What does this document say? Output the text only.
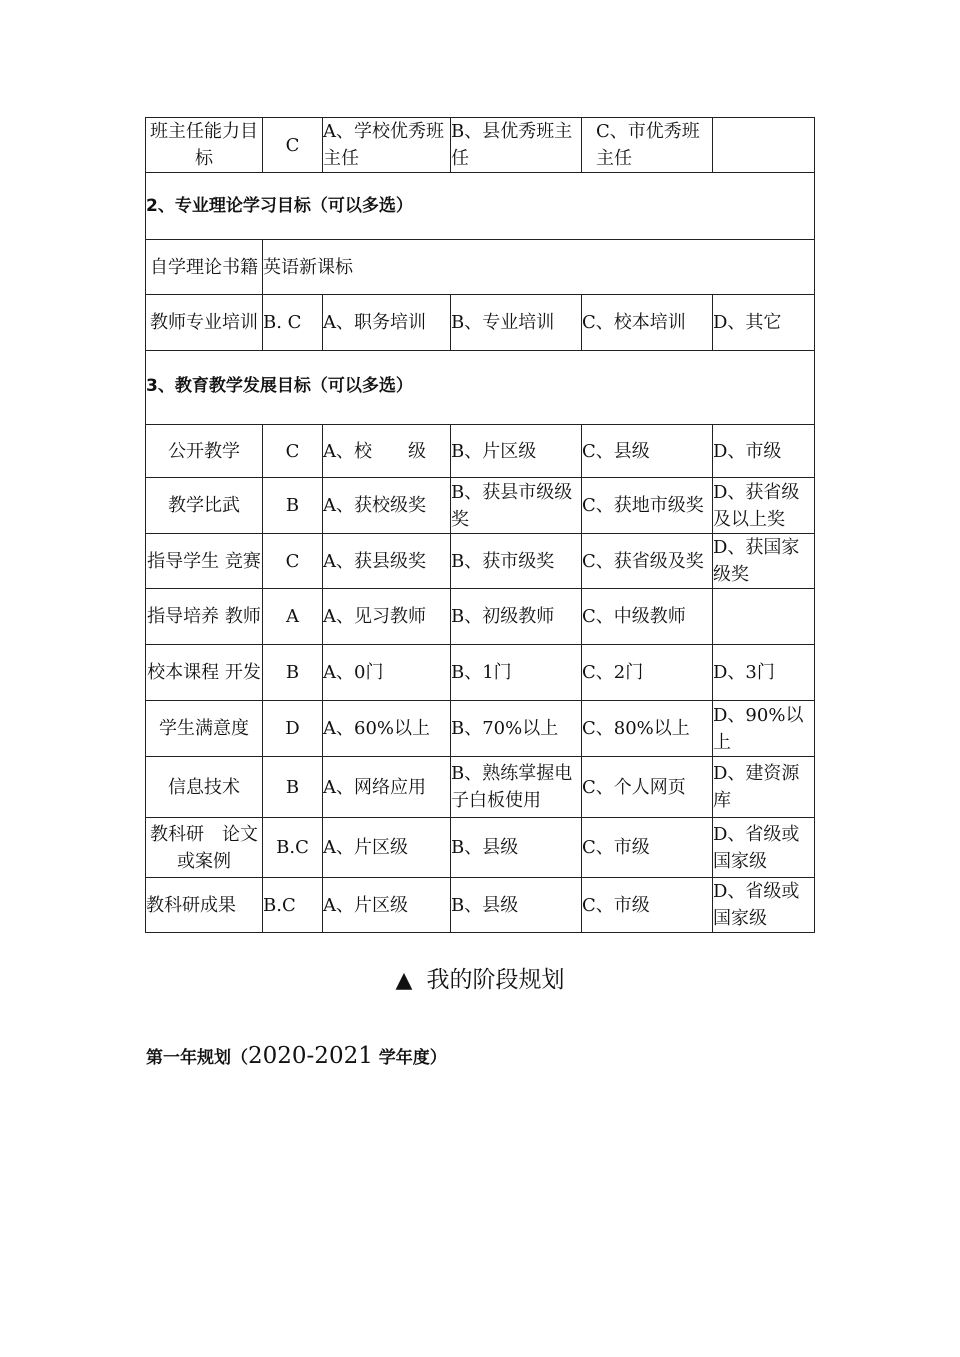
班主任能力目标	C	A、学校优秀班主任	B、县优秀班主任	C、市优秀班主任	
2、专业理论学习目标（可以多选）					
自学理论书籍	英语新课标				
教师专业培训	B. C	A、职务培训	B、专业培训	C、校本培训	D、其它
3、教育教学发展目标（可以多选）					
公开教学	C	A、校　　级	B、片区级	C、县级	D、市级
教学比武	B	A、获校级奖	B、获县市级级奖	C、获地市级奖	D、获省级及以上奖
指导学生 竞赛	C	A、获县级奖	B、获市级奖	C、获省级及奖	D、获国家级奖
指导培养 教师	A	A、见习教师	B、初级教师	C、中级教师	
校本课程 开发	B	A、0门	B、1门	C、2门	D、3门
学生满意度	D	A、60%以上	B、70%以上	C、80%以上	D、90%以上
信息技术	B	A、网络应用	B、熟练掌握电子白板使用	C、个人网页	D、建资源库
教科研　论文或案例	B.C	A、片区级	B、县级	C、市级	D、省级或国家级
教科研成果	B.C	A、片区级	B、县级	C、市级	D、省级或国家级
▲ 我的阶段规划
第一年规划（2020-2021 学年度）
